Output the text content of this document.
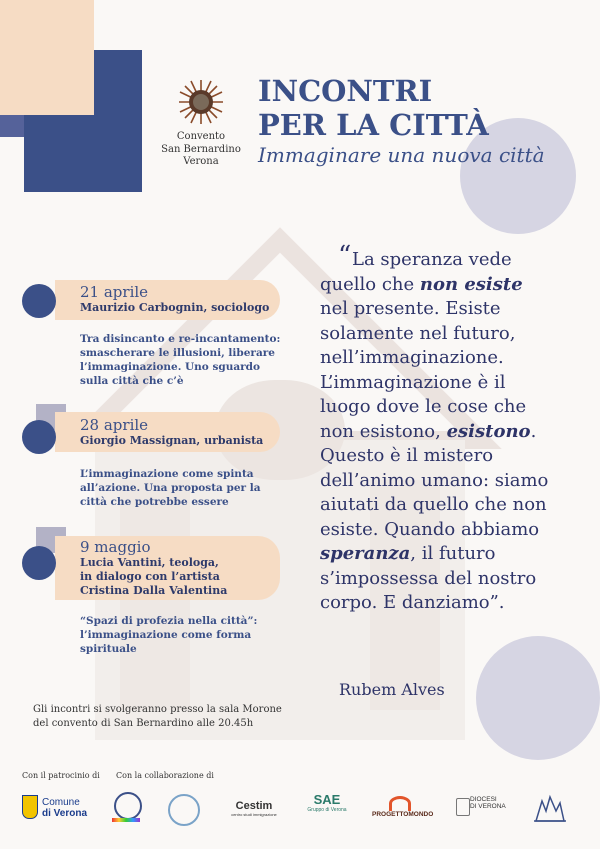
Convento
San Bernardino
Verona
INCONTRI
PER LA CITTÀ
Immaginare una nuova città
21 aprile
Maurizio Carbognin, sociologo
Tra disincanto e re-incantamento:
smascherare le illusioni, liberare
l’immaginazione. Uno sguardo
sulla città che c’è
28 aprile
Giorgio Massignan, urbanista
L’immaginazione come spinta
all’azione. Una proposta per la
città che potrebbe essere
9 maggio
Lucia Vantini, teologa,
in dialogo con l’artista
Cristina Dalla Valentina
“Spazi di profezia nella città”:
l’immaginazione come forma
spirituale
“ La speranza vede
quello che non esiste
nel presente. Esiste
solamente nel futuro,
nell’immaginazione.
L’immaginazione è il
luogo dove le cose che
non esistono, esistono.
Questo è il mistero
dell’animo umano: siamo
aiutati da quello che non
esiste. Quando abbiamo
speranza, il futuro
s’impossessa del nostro
corpo. E danziamo”.
Rubem Alves
Gli incontri si svolgeranno presso la sala Morone
del convento di San Bernardino alle 20.45h
Con il patrocinio di Con la collaborazione di
Comune
di Verona
Cestim
centro studi immigrazione
SAE
Gruppo di Verona
PROGETTOMONDO
DIOCESI
DI VERONA
